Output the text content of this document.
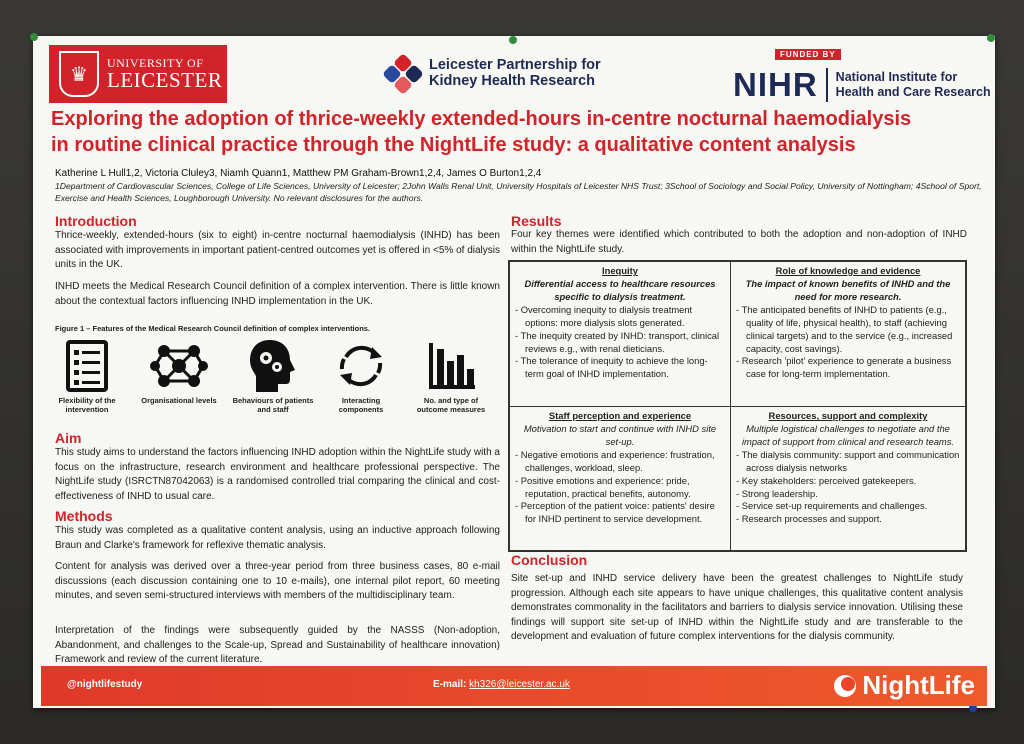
♛
UNIVERSITY OF
LEICESTER
Leicester Partnership for
Kidney Health Research
FUNDED BY
NIHR National Institute for
Health and Care Research
Exploring the adoption of thrice-weekly extended-hours in-centre nocturnal haemodialysis
in routine clinical practice through the NightLife study: a qualitative content analysis
Katherine L Hull1,2, Victoria Cluley3, Niamh Quann1, Matthew PM Graham-Brown1,2,4, James O Burton1,2,4
1Department of Cardiovascular Sciences, College of Life Sciences, University of Leicester; 2John Walls Renal Unit, University Hospitals of Leicester NHS Trust; 3School of Sociology and Social Policy, University of Nottingham; 4School of Sport, Exercise and Health Sciences, Loughborough University. No relevant disclosures for the authors.
Introduction
Thrice-weekly, extended-hours (six to eight) in-centre nocturnal haemodialysis (INHD) has been associated with improvements in important patient-centred outcomes yet is offered in <5% of dialysis units in the UK.
INHD meets the Medical Research Council definition of a complex intervention. There is little known about the contextual factors influencing INHD implementation in the UK.
Figure 1 – Features of the Medical Research Council definition of complex interventions.
Flexibility of the intervention
Organisational levels	Behaviours of patients and staff
Interacting components
No. and type of outcome measures
Aim
This study aims to understand the factors influencing INHD adoption within the NightLife study with a focus on the infrastructure, research environment and healthcare professional perspective. The NightLife study (ISRCTN87042063) is a randomised controlled trial comparing the clinical and cost-effectiveness of INHD to usual care.
Methods
This study was completed as a qualitative content analysis, using an inductive approach following Braun and Clarke's framework for reflexive thematic analysis.
Content for analysis was derived over a three-year period from three business cases, 80 e-mail discussions (each discussion containing one to 10 e-mails), one internal pilot report, 60 meeting minutes, and seven semi-structured interviews with members of the multidisciplinary team.
Interpretation of the findings were subsequently guided by the NASSS (Non-adoption, Abandonment, and challenges to the Scale-up, Spread and Sustainability of healthcare innovation) Framework and review of the current literature.
Results
Four key themes were identified which contributed to both the adoption and non-adoption of INHD within the NightLife study.
Inequity
Differential access to healthcare resources specific to dialysis treatment.
- Overcoming inequity to dialysis treatment options: more dialysis slots generated.
- The inequity created by INHD: transport, clinical reviews e.g., with renal dieticians.
- The tolerance of inequity to achieve the long-term goal of INHD implementation.
Role of knowledge and evidence
The impact of known benefits of INHD and the need for more research.
- The anticipated benefits of INHD to patients (e.g., quality of life, physical health), to staff (achieving clinical targets) and to the service (e.g., increased capacity, cost savings).
- Research 'pilot' experience to generate a business case for long-term implementation.
Staff perception and experience
Motivation to start and continue with INHD site set-up.
- Negative emotions and experience: frustration, challenges, workload, sleep.
- Positive emotions and experience: pride, reputation, practical benefits, autonomy.
- Perception of the patient voice: patients' desire for INHD pertinent to service development.
Resources, support and complexity
Multiple logistical challenges to negotiate and the impact of support from clinical and research teams.
- The dialysis community: support and communication across dialysis networks
- Key stakeholders: perceived gatekeepers.
- Strong leadership.
- Service set-up requirements and challenges.
- Research processes and support.
Conclusion
Site set-up and INHD service delivery have been the greatest challenges to NightLife study progression. Although each site appears to have unique challenges, this qualitative content analysis demonstrates commonality in the facilitators and barriers to dialysis service innovation. Utilising these findings will support site set-up of INHD within the NightLife study and are transferable to the development and evaluation of future complex interventions for the dialysis community.
@nightlifestudy	E-mail: kh326@leicester.ac.uk	NightLife
